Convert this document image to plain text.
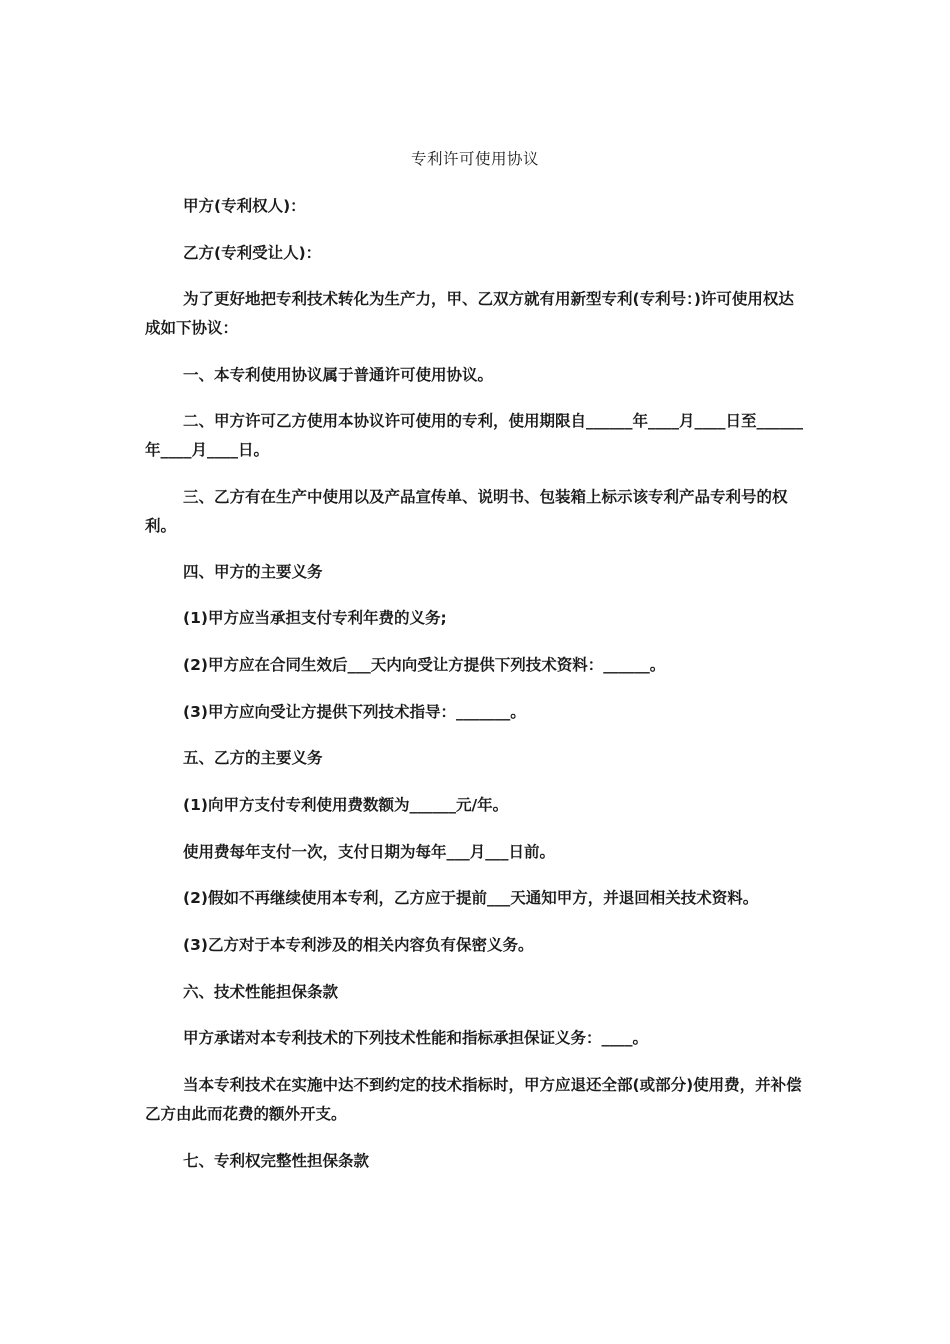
专利许可使用协议

甲方(专利权人)：

乙方(专利受让人)：

为了更好地把专利技术转化为生产力，甲、乙双方就有用新型专利(专利号：)许可使用权达成如下协议：

一、本专利使用协议属于普通许可使用协议。

二、甲方许可乙方使用本协议许可使用的专利，使用期限自______年____月____日至______年____月____日。

三、乙方有在生产中使用以及产品宣传单、说明书、包装箱上标示该专利产品专利号的权利。

四、甲方的主要义务

(1)甲方应当承担支付专利年费的义务;

(2)甲方应在合同生效后___天内向受让方提供下列技术资料：______。

(3)甲方应向受让方提供下列技术指导：_______。

五、乙方的主要义务

(1)向甲方支付专利使用费数额为______元/年。

使用费每年支付一次，支付日期为每年___月___日前。

(2)假如不再继续使用本专利，乙方应于提前___天通知甲方，并退回相关技术资料。

(3)乙方对于本专利涉及的相关内容负有保密义务。

六、技术性能担保条款

甲方承诺对本专利技术的下列技术性能和指标承担保证义务：____。

当本专利技术在实施中达不到约定的技术指标时，甲方应退还全部(或部分)使用费，并补偿乙方由此而花费的额外开支。

七、专利权完整性担保条款
